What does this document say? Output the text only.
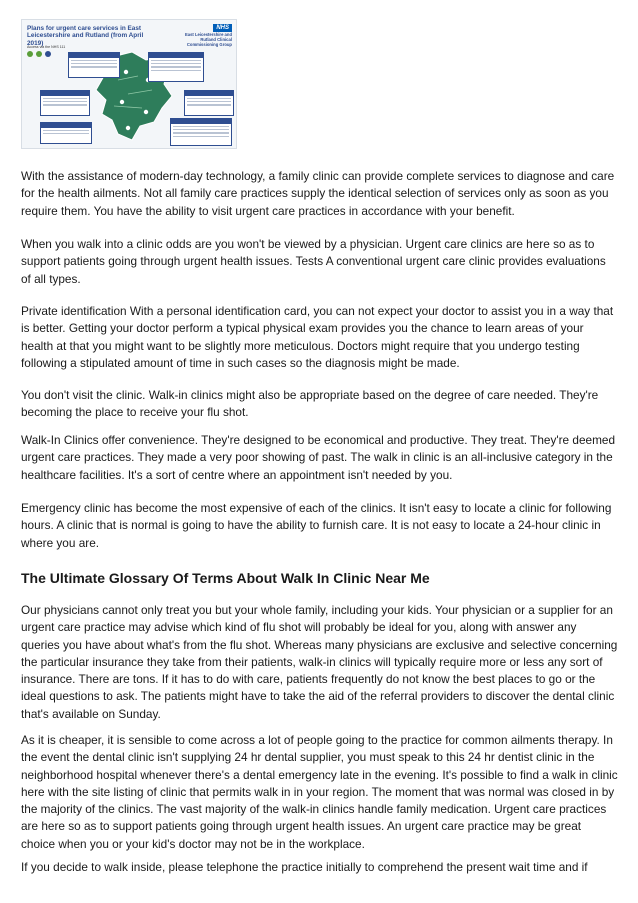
Plans for urgent care services in East Leicestershire and Rutland (from April 2019)
NHS
East Leicestershire and Rutland Clinical Commissioning Group
Access via the NHS 111

With the assistance of modern-day technology, a family clinic can provide complete services to diagnose and care for the health ailments. Not all family care practices supply the identical selection of services only as soon as you require them. You have the ability to visit urgent care practices in accordance with your benefit.

When you walk into a clinic odds are you won't be viewed by a physician. Urgent care clinics are here so as to support patients going through urgent health issues. Tests A conventional urgent care clinic provides evaluations of all types.

Private identification With a personal identification card, you can not expect your doctor to assist you in a way that is better. Getting your doctor perform a typical physical exam provides you the chance to learn areas of your health at that you might want to be slightly more meticulous. Doctors might require that you undergo testing following a stipulated amount of time in such cases so the diagnosis might be made.

You don't visit the clinic. Walk-in clinics might also be appropriate based on the degree of care needed. They're becoming the place to receive your flu shot.

Walk-In Clinics offer convenience. They're designed to be economical and productive. They treat. They're deemed urgent care practices. They made a very poor showing of past. The walk in clinic is an all-inclusive category in the healthcare facilities. It's a sort of centre where an appointment isn't needed by you.

Emergency clinic has become the most expensive of each of the clinics. It isn't easy to locate a clinic for following hours. A clinic that is normal is going to have the ability to furnish care. It is not easy to locate a 24-hour clinic in where you are.

The Ultimate Glossary Of Terms About Walk In Clinic Near Me

Our physicians cannot only treat you but your whole family, including your kids. Your physician or a supplier for an urgent care practice may advise which kind of flu shot will probably be ideal for you, along with answer any queries you have about what's from the flu shot. Whereas many physicians are exclusive and selective concerning the particular insurance they take from their patients, walk-in clinics will typically require more or less any sort of insurance. There are tons. If it has to do with care, patients frequently do not know the best places to go or the ideal questions to ask. The patients might have to take the aid of the referral providers to discover the dental clinic that's available on Sunday.

As it is cheaper, it is sensible to come across a lot of people going to the practice for common ailments therapy. In the event the dental clinic isn't supplying 24 hr dental supplier, you must speak to this 24 hr dentist clinic in the neighborhood hospital whenever there's a dental emergency late in the evening. It's possible to find a walk in clinic here with the site listing of clinic that permits walk in in your region. The moment that was normal was closed in by the majority of the clinics. The vast majority of the walk-in clinics handle family medication. Urgent care practices are here so as to support patients going through urgent health issues. An urgent care practice may be great choice when you or your kid's doctor may not be in the workplace.

If you decide to walk inside, please telephone the practice initially to comprehend the present wait time and if
